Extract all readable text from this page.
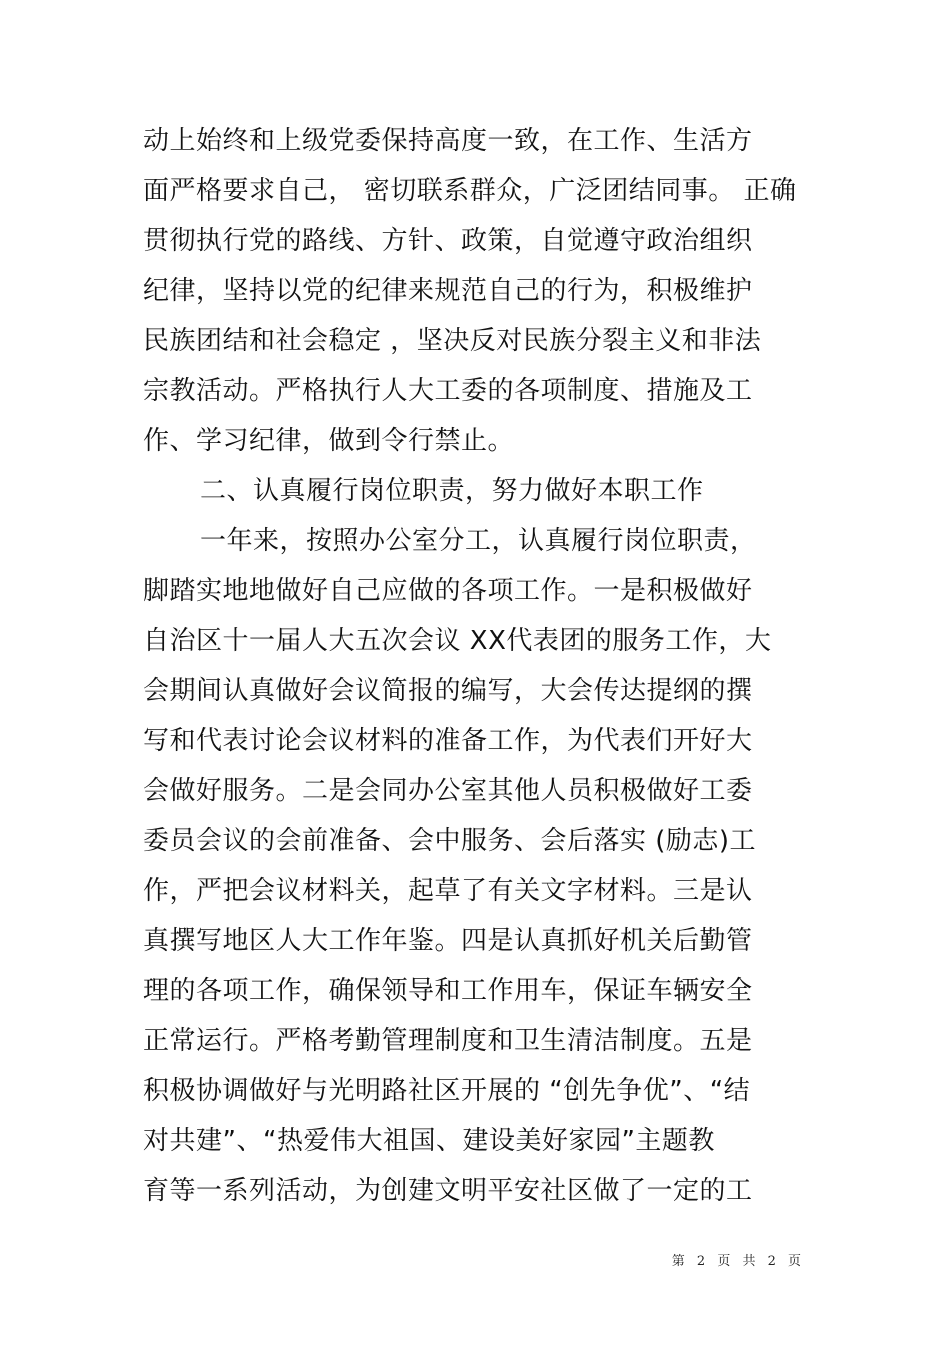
动上始终和上级党委保持高度一致，在工作、生活方
面严格要求自己， 密切联系群众，广泛团结同事。 正确
贯彻执行党的路线、方针、政策，自觉遵守政治组织
纪律，坚持以党的纪律来规范自己的行为，积极维护
民族团结和社会稳定 ，坚决反对民族分裂主义和非法
宗教活动。严格执行人大工委的各项制度、措施及工
作、学习纪律，做到令行禁止。
二、认真履行岗位职责，努力做好本职工作
一年来，按照办公室分工，认真履行岗位职责，
脚踏实地地做好自己应做的各项工作。一是积极做好
自治区十一届人大五次会议 XX代表团的服务工作，大
会期间认真做好会议简报的编写，大会传达提纲的撰
写和代表讨论会议材料的准备工作，为代表们开好大
会做好服务。二是会同办公室其他人员积极做好工委
委员会议的会前准备、会中服务、会后落实 (励志)工
作，严把会议材料关，起草了有关文字材料。三是认
真撰写地区人大工作年鉴。四是认真抓好机关后勤管
理的各项工作，确保领导和工作用车，保证车辆安全
正常运行。严格考勤管理制度和卫生清洁制度。五是
积极协调做好与光明路社区开展的 “创先争优”、“结
对共建”、“热爱伟大祖国、建设美好家园”主题教
育等一系列活动，为创建文明平安社区做了一定的工
第 2 页 共 2 页
